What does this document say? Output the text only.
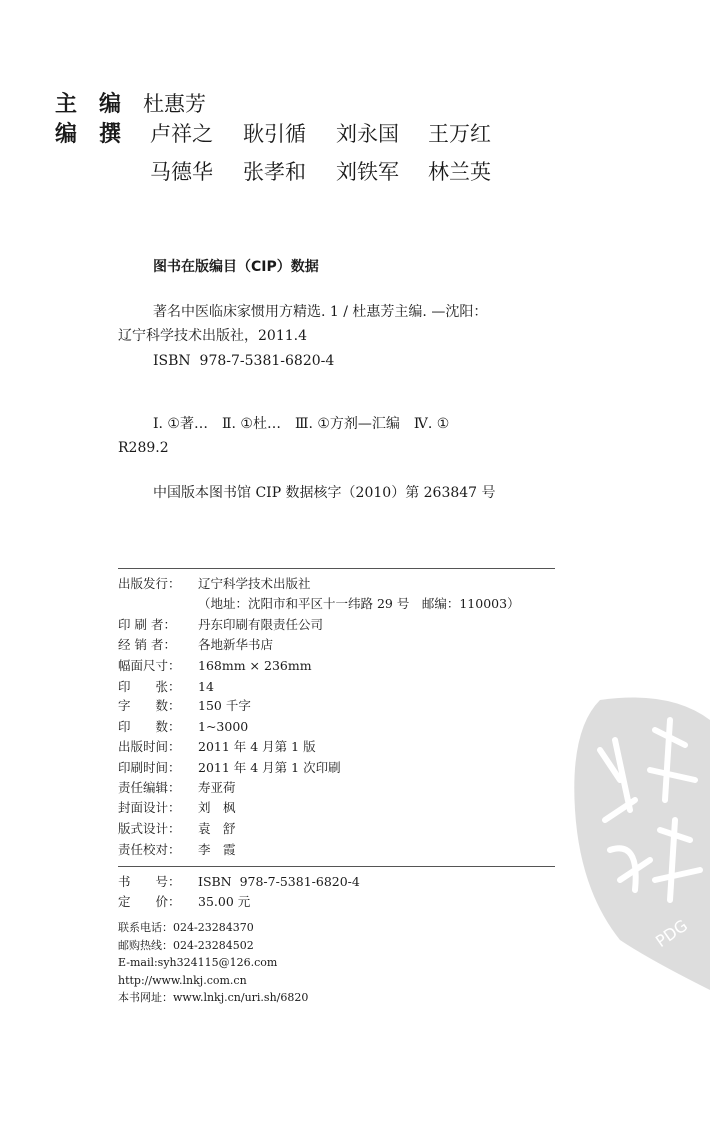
主　编 杜惠芳
编　撰 卢祥之 耿引循 刘永国 王万红
马德华 张孝和 刘铁军 林兰英
图书在版编目（CIP）数据
著名中医临床家惯用方精选. 1 / 杜惠芳主编. —沈阳：
辽宁科学技术出版社，2011.4
ISBN  978-7-5381-6820-4
Ⅰ. ①著…　Ⅱ. ①杜…　Ⅲ. ①方剂—汇编　Ⅳ. ①
R289.2
中国版本图书馆 CIP 数据核字（2010）第 263847 号
出版发行： 辽宁科学技术出版社
（地址：沈阳市和平区十一纬路 29 号　邮编：110003）
印 刷 者： 丹东印刷有限责任公司
经 销 者： 各地新华书店
幅面尺寸： 168mm × 236mm
印　　张： 14
字　　数： 150 千字
印　　数： 1~3000
出版时间： 2011 年 4 月第 1 版
印刷时间： 2011 年 4 月第 1 次印刷
责任编辑： 寿亚荷
封面设计： 刘　枫
版式设计： 袁　舒
责任校对： 李　霞
书　　号： ISBN  978-7-5381-6820-4
定　　价： 35.00 元
联系电话：024-23284370
邮购热线：024-23284502
E-mail:syh324115@126.com
http://www.lnkj.com.cn
本书网址：www.lnkj.cn/uri.sh/6820
PDG
